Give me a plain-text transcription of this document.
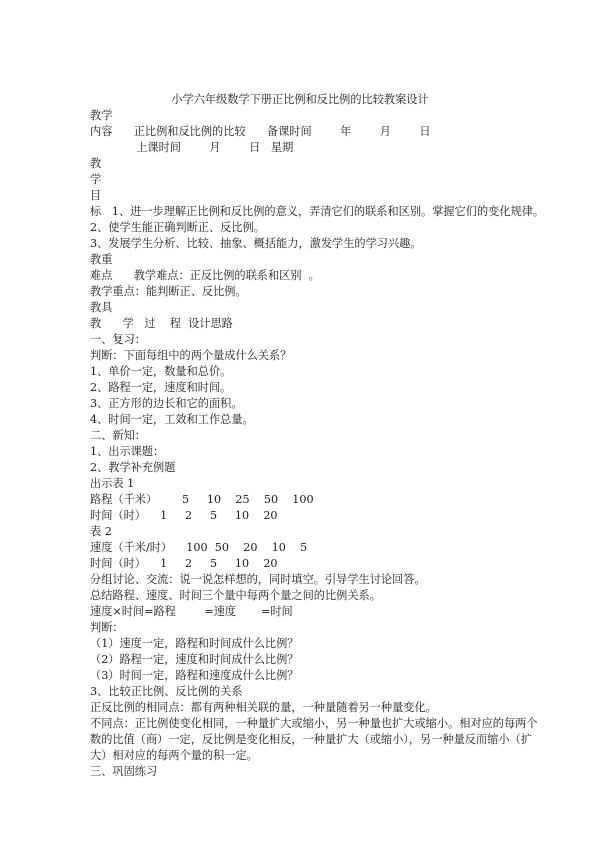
小学六年级数学下册正比例和反比例的比较教案设计
教学
内容      正比例和反比例的比较      备课时间        年        月        日
上课时间        月        日   星期
教
学
目
标   1、进一步理解正比例和反比例的意义，弄清它们的联系和区别。掌握它们的变化规律。
2、使学生能正确判断正、反比例。
3、发展学生分析、比较、抽象、概括能力，激发学生的学习兴趣。
教重
难点      教学难点：正反比例的联系和区别  。
教学重点：能判断正、反比例。
教具
教      学   过    程  设计思路
一、复习：
判断：下面每组中的两个量成什么关系？
1、单价一定，数量和总价。
2、路程一定，速度和时间。
3、正方形的边长和它的面积。
4、时间一定，工效和工作总量。
二、新知：
1、出示课题：
2、教学补充例题
出示表 1
路程（千米）       5     10    25    50    100
时间（时）    1     2     5     10    20
表 2
速度（千米/时）    100  50    20    10    5
时间（时）    1     2     5     10    20
分组讨论、交流：说一说怎样想的，同时填空。引导学生讨论回答。
总结路程、速度、时间三个量中每两个量之间的比例关系。
速度×时间=路程        =速度       =时间
判断：
（1）速度一定，路程和时间成什么比例？
（2）路程一定，速度和时间成什么比例？
（3）时间一定，路程和速度成什么比例？
3、比较正比例、反比例的关系
正反比例的相同点：都有两种相关联的量，一种量随着另一种量变化。
不同点：正比例使变化相同，一种量扩大或缩小，另一种量也扩大或缩小。相对应的每两个
数的比值（商）一定，反比例是变化相反，一种量扩大（或缩小），另一种量反而缩小（扩
大）相对应的每两个量的积一定。
三、巩固练习
